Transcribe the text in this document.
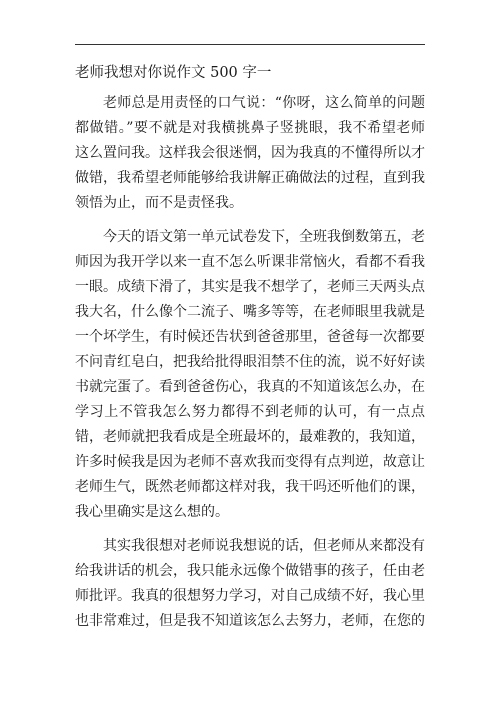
老师我想对你说作文 500 字一

老师总是用责怪的口气说：“你呀，这么简单的问题都做错。”要不就是对我横挑鼻子竖挑眼，我不希望老师这么置问我。这样我会很迷惘，因为我真的不懂得所以才做错，我希望老师能够给我讲解正确做法的过程，直到我领悟为止，而不是责怪我。

今天的语文第一单元试卷发下，全班我倒数第五，老师因为我开学以来一直不怎么听课非常恼火，看都不看我一眼。成绩下滑了，其实是我不想学了，老师三天两头点我大名，什么像个二流子、嘴多等等，在老师眼里我就是一个坏学生，有时候还告状到爸爸那里，爸爸每一次都要不问青红皂白，把我给批得眼泪禁不住的流，说不好好读书就完蛋了。看到爸爸伤心，我真的不知道该怎么办，在学习上不管我怎么努力都得不到老师的认可，有一点点错，老师就把我看成是全班最坏的，最难教的，我知道，许多时候我是因为老师不喜欢我而变得有点判逆，故意让老师生气，既然老师都这样对我，我干吗还听他们的课，我心里确实是这么想的。

其实我很想对老师说我想说的话，但老师从来都没有给我讲话的机会，我只能永远像个做错事的孩子，任由老师批评。我真的很想努力学习，对自己成绩不好，我心里也非常难过，但是我不知道该怎么去努力，老师，在您的
